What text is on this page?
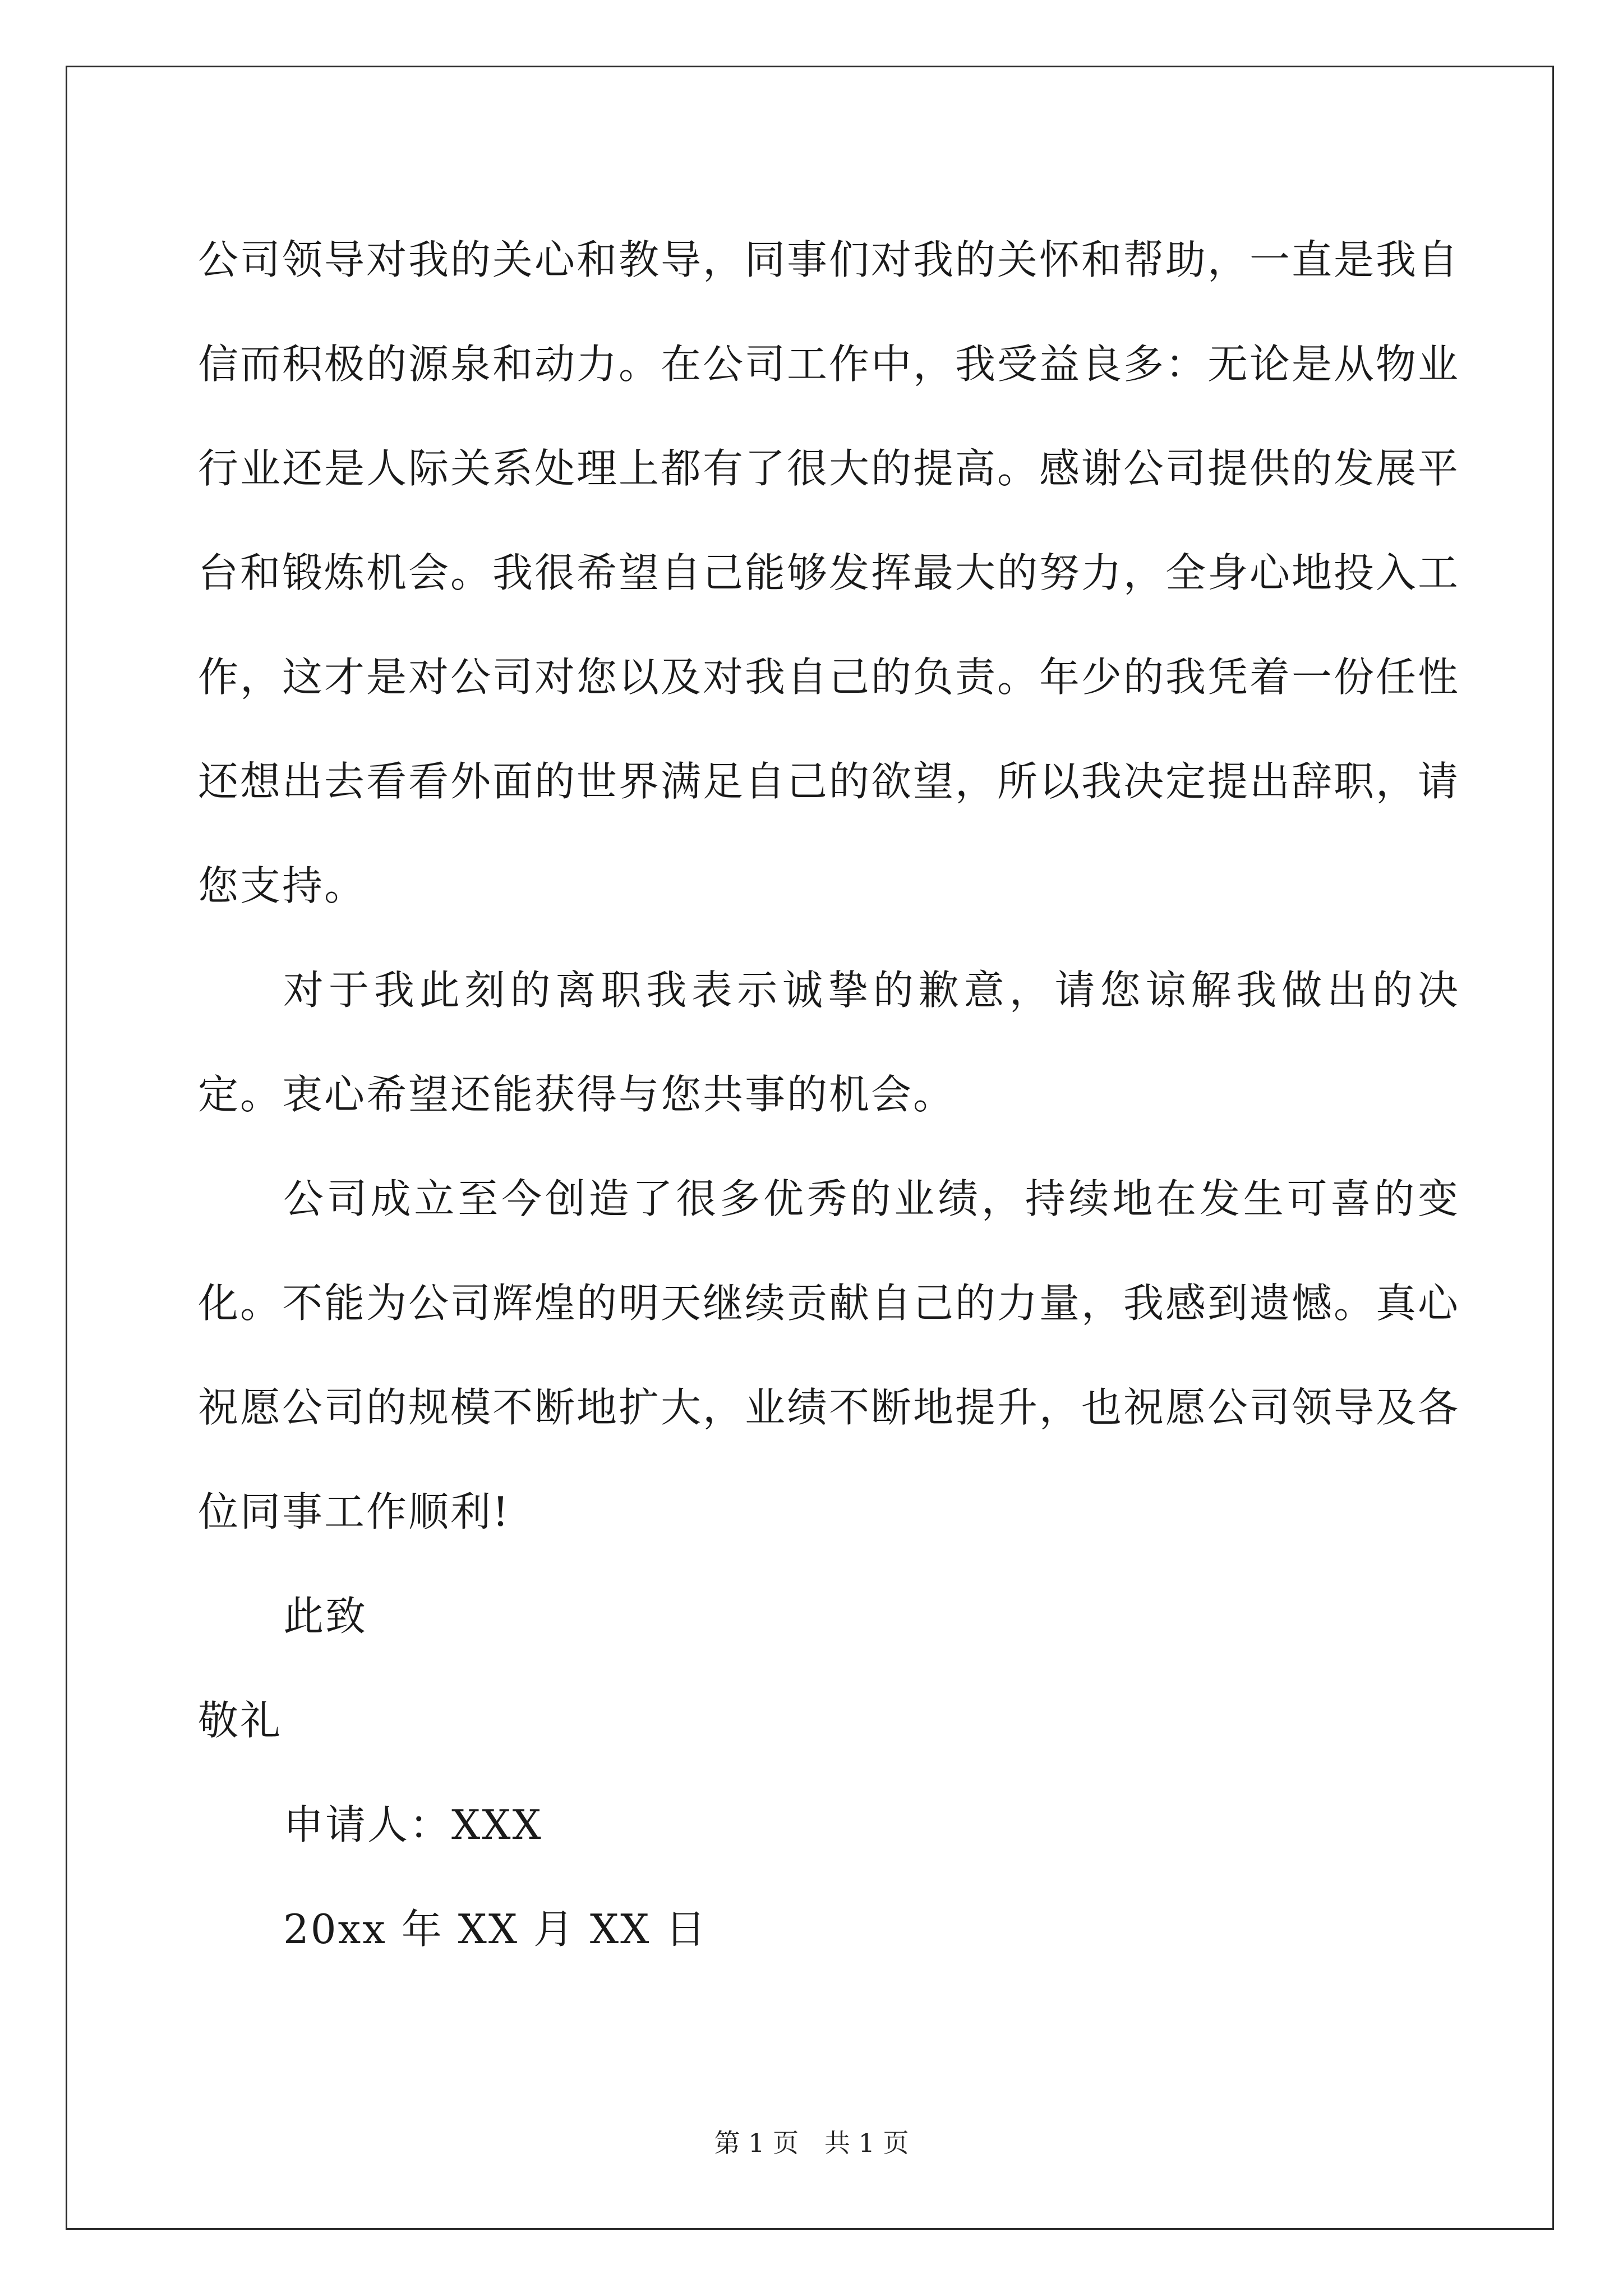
公司领导对我的关心和教导，同事们对我的关怀和帮助，一直是我自信而积极的源泉和动力。在公司工作中，我受益良多：无论是从物业行业还是人际关系处理上都有了很大的提高。感谢公司提供的发展平台和锻炼机会。我很希望自己能够发挥最大的努力，全身心地投入工作，这才是对公司对您以及对我自己的负责。年少的我凭着一份任性还想出去看看外面的世界满足自己的欲望，所以我决定提出辞职，请您支持。

对于我此刻的离职我表示诚挚的歉意，请您谅解我做出的决定。衷心希望还能获得与您共事的机会。

公司成立至今创造了很多优秀的业绩，持续地在发生可喜的变化。不能为公司辉煌的明天继续贡献自己的力量，我感到遗憾。真心祝愿公司的规模不断地扩大，业绩不断地提升，也祝愿公司领导及各位同事工作顺利!

此致

敬礼

申请人：XXX

20xx 年 XX 月 XX 日

第 1 页 共 1 页
